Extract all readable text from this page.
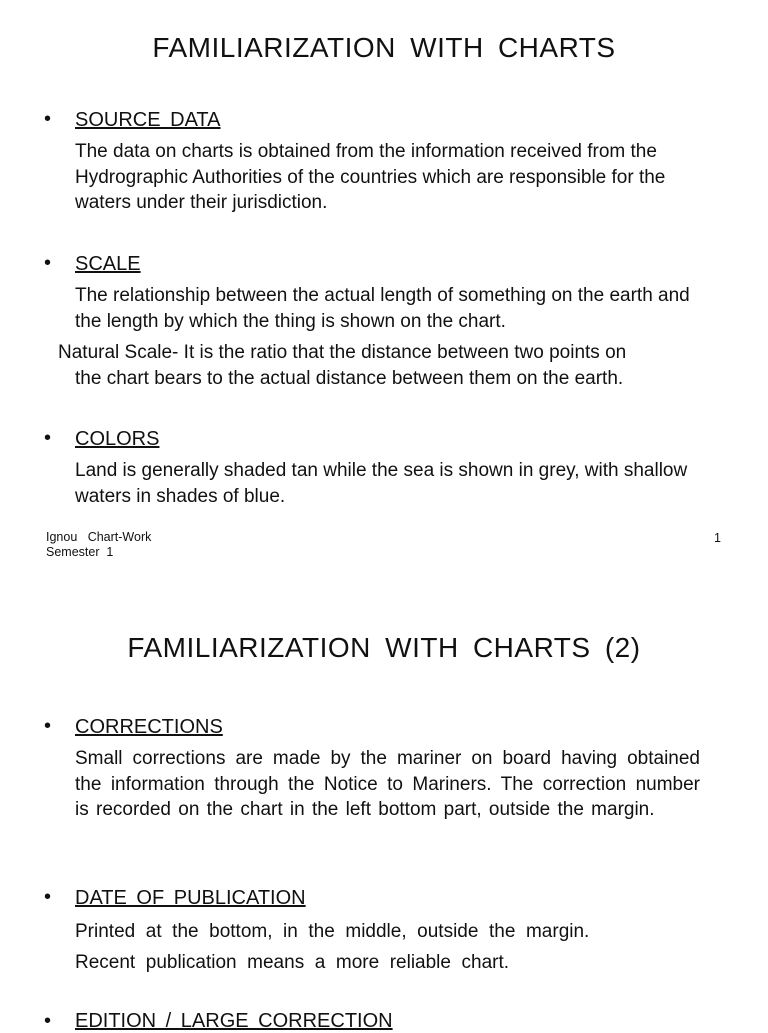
FAMILIARIZATION WITH CHARTS
• SOURCE DATA
The data on charts is obtained from the information received from the Hydrographic Authorities of the countries which are responsible for the waters under their jurisdiction.
• SCALE
The relationship between the actual length of something on the earth and the length by which the thing is shown on the chart.
Natural Scale- It is the ratio that the distance between two points on
the chart bears to the actual distance between them on the earth.
• COLORS
Land is generally shaded tan while the sea is shown in grey, with shallow waters in shades of blue.
Ignou   Chart-Work
Semester  1
1
FAMILIARIZATION WITH CHARTS (2)
• CORRECTIONS
Small corrections are made by the mariner on board having obtained the information through the Notice to Mariners. The correction number is recorded on the chart in the left bottom part, outside the margin.
• DATE OF PUBLICATION
Printed  at  the  bottom,  in  the  middle,  outside  the  margin.
Recent  publication  means  a  more  reliable  chart.
• EDITION / LARGE CORRECTION
